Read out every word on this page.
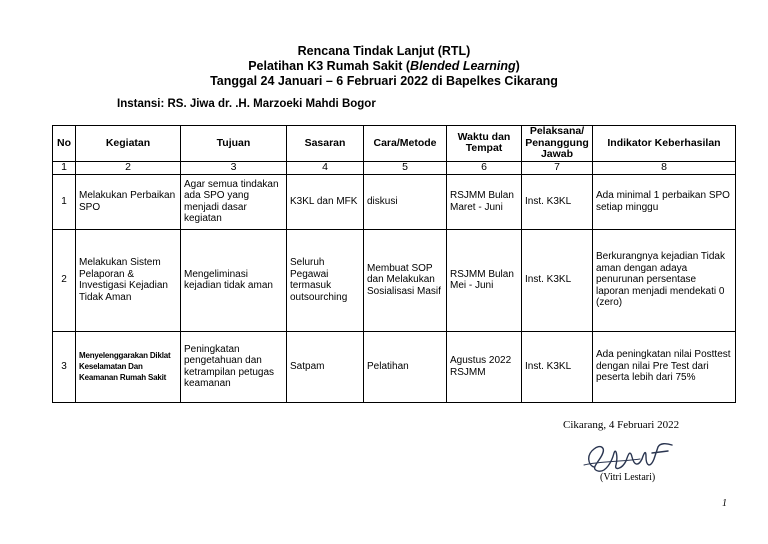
Rencana Tindak Lanjut (RTL)
Pelatihan K3 Rumah Sakit (Blended Learning)
Tanggal 24 Januari – 6 Februari 2022 di Bapelkes Cikarang
Instansi: RS. Jiwa dr. .H. Marzoeki Mahdi Bogor
No	Kegiatan	Tujuan	Sasaran	Cara/Metode	Waktu dan Tempat	Pelaksana/ Penanggung Jawab	Indikator Keberhasilan
1	2	3	4	5	6	7	8
1	Melakukan Perbaikan SPO	Agar semua tindakan ada SPO yang menjadi dasar kegiatan	K3KL dan MFK	diskusi	RSJMM Bulan Maret - Juni	Inst. K3KL	Ada minimal 1 perbaikan SPO setiap minggu
2	Melakukan Sistem Pelaporan & Investigasi Kejadian Tidak Aman	Mengeliminasi kejadian tidak aman	Seluruh Pegawai termasuk outsourching	Membuat SOP dan Melakukan Sosialisasi Masif	RSJMM Bulan Mei - Juni	Inst. K3KL	Berkurangnya kejadian Tidak aman dengan adaya penurunan persentase laporan menjadi mendekati 0 (zero)
3	Menyelenggarakan Diklat Keselamatan Dan Keamanan Rumah Sakit	Peningkatan pengetahuan dan ketrampilan petugas keamanan	Satpam	Pelatihan	Agustus 2022 RSJMM	Inst. K3KL	Ada peningkatan nilai Posttest dengan nilai Pre Test dari peserta lebih dari 75%
Cikarang, 4 Februari 2022
(Vitri Lestari)
1
